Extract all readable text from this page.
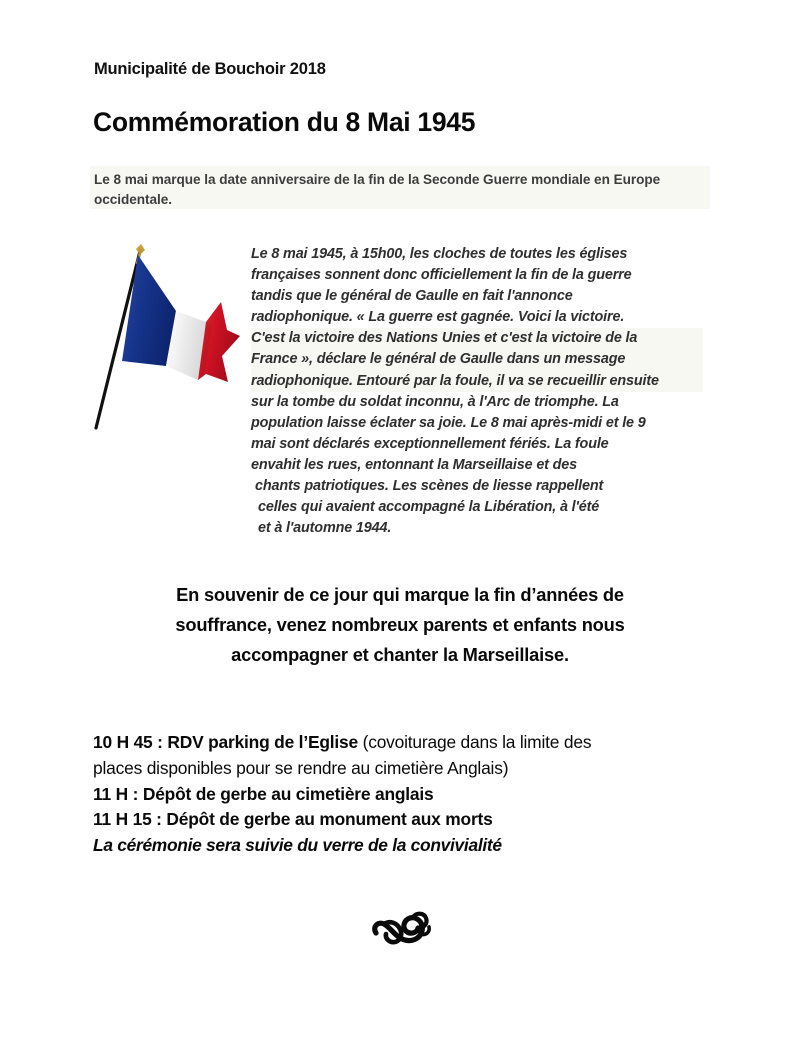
Municipalité de Bouchoir 2018
Commémoration du 8 Mai 1945
Le 8 mai marque la date anniversaire de la fin de la Seconde Guerre mondiale en Europe occidentale.
Le 8 mai 1945, à 15h00, les cloches de toutes les églises
françaises sonnent donc officiellement la fin de la guerre
tandis que le général de Gaulle en fait l'annonce
radiophonique. « La guerre est gagnée. Voici la victoire.
C'est la victoire des Nations Unies et c'est la victoire de la
France », déclare le général de Gaulle dans un message
radiophonique. Entouré par la foule, il va se recueillir ensuite
sur la tombe du soldat inconnu, à l'Arc de triomphe. La
population laisse éclater sa joie. Le 8 mai après-midi et le 9
mai sont déclarés exceptionnellement fériés. La foule
envahit les rues, entonnant la Marseillaise et des
chants patriotiques. Les scènes de liesse rappellent
celles qui avaient accompagné la Libération, à l'été
et à l'automne 1944.
En souvenir de ce jour qui marque la fin d’années de
souffrance, venez nombreux parents et enfants nous
accompagner et chanter la Marseillaise.
10 H 45 : RDV parking de l’Eglise (covoiturage dans la limite des
places disponibles pour se rendre au cimetière Anglais)
11 H : Dépôt de gerbe au cimetière anglais
11 H 15 : Dépôt de gerbe au monument aux morts
La cérémonie sera suivie du verre de la convivialité
